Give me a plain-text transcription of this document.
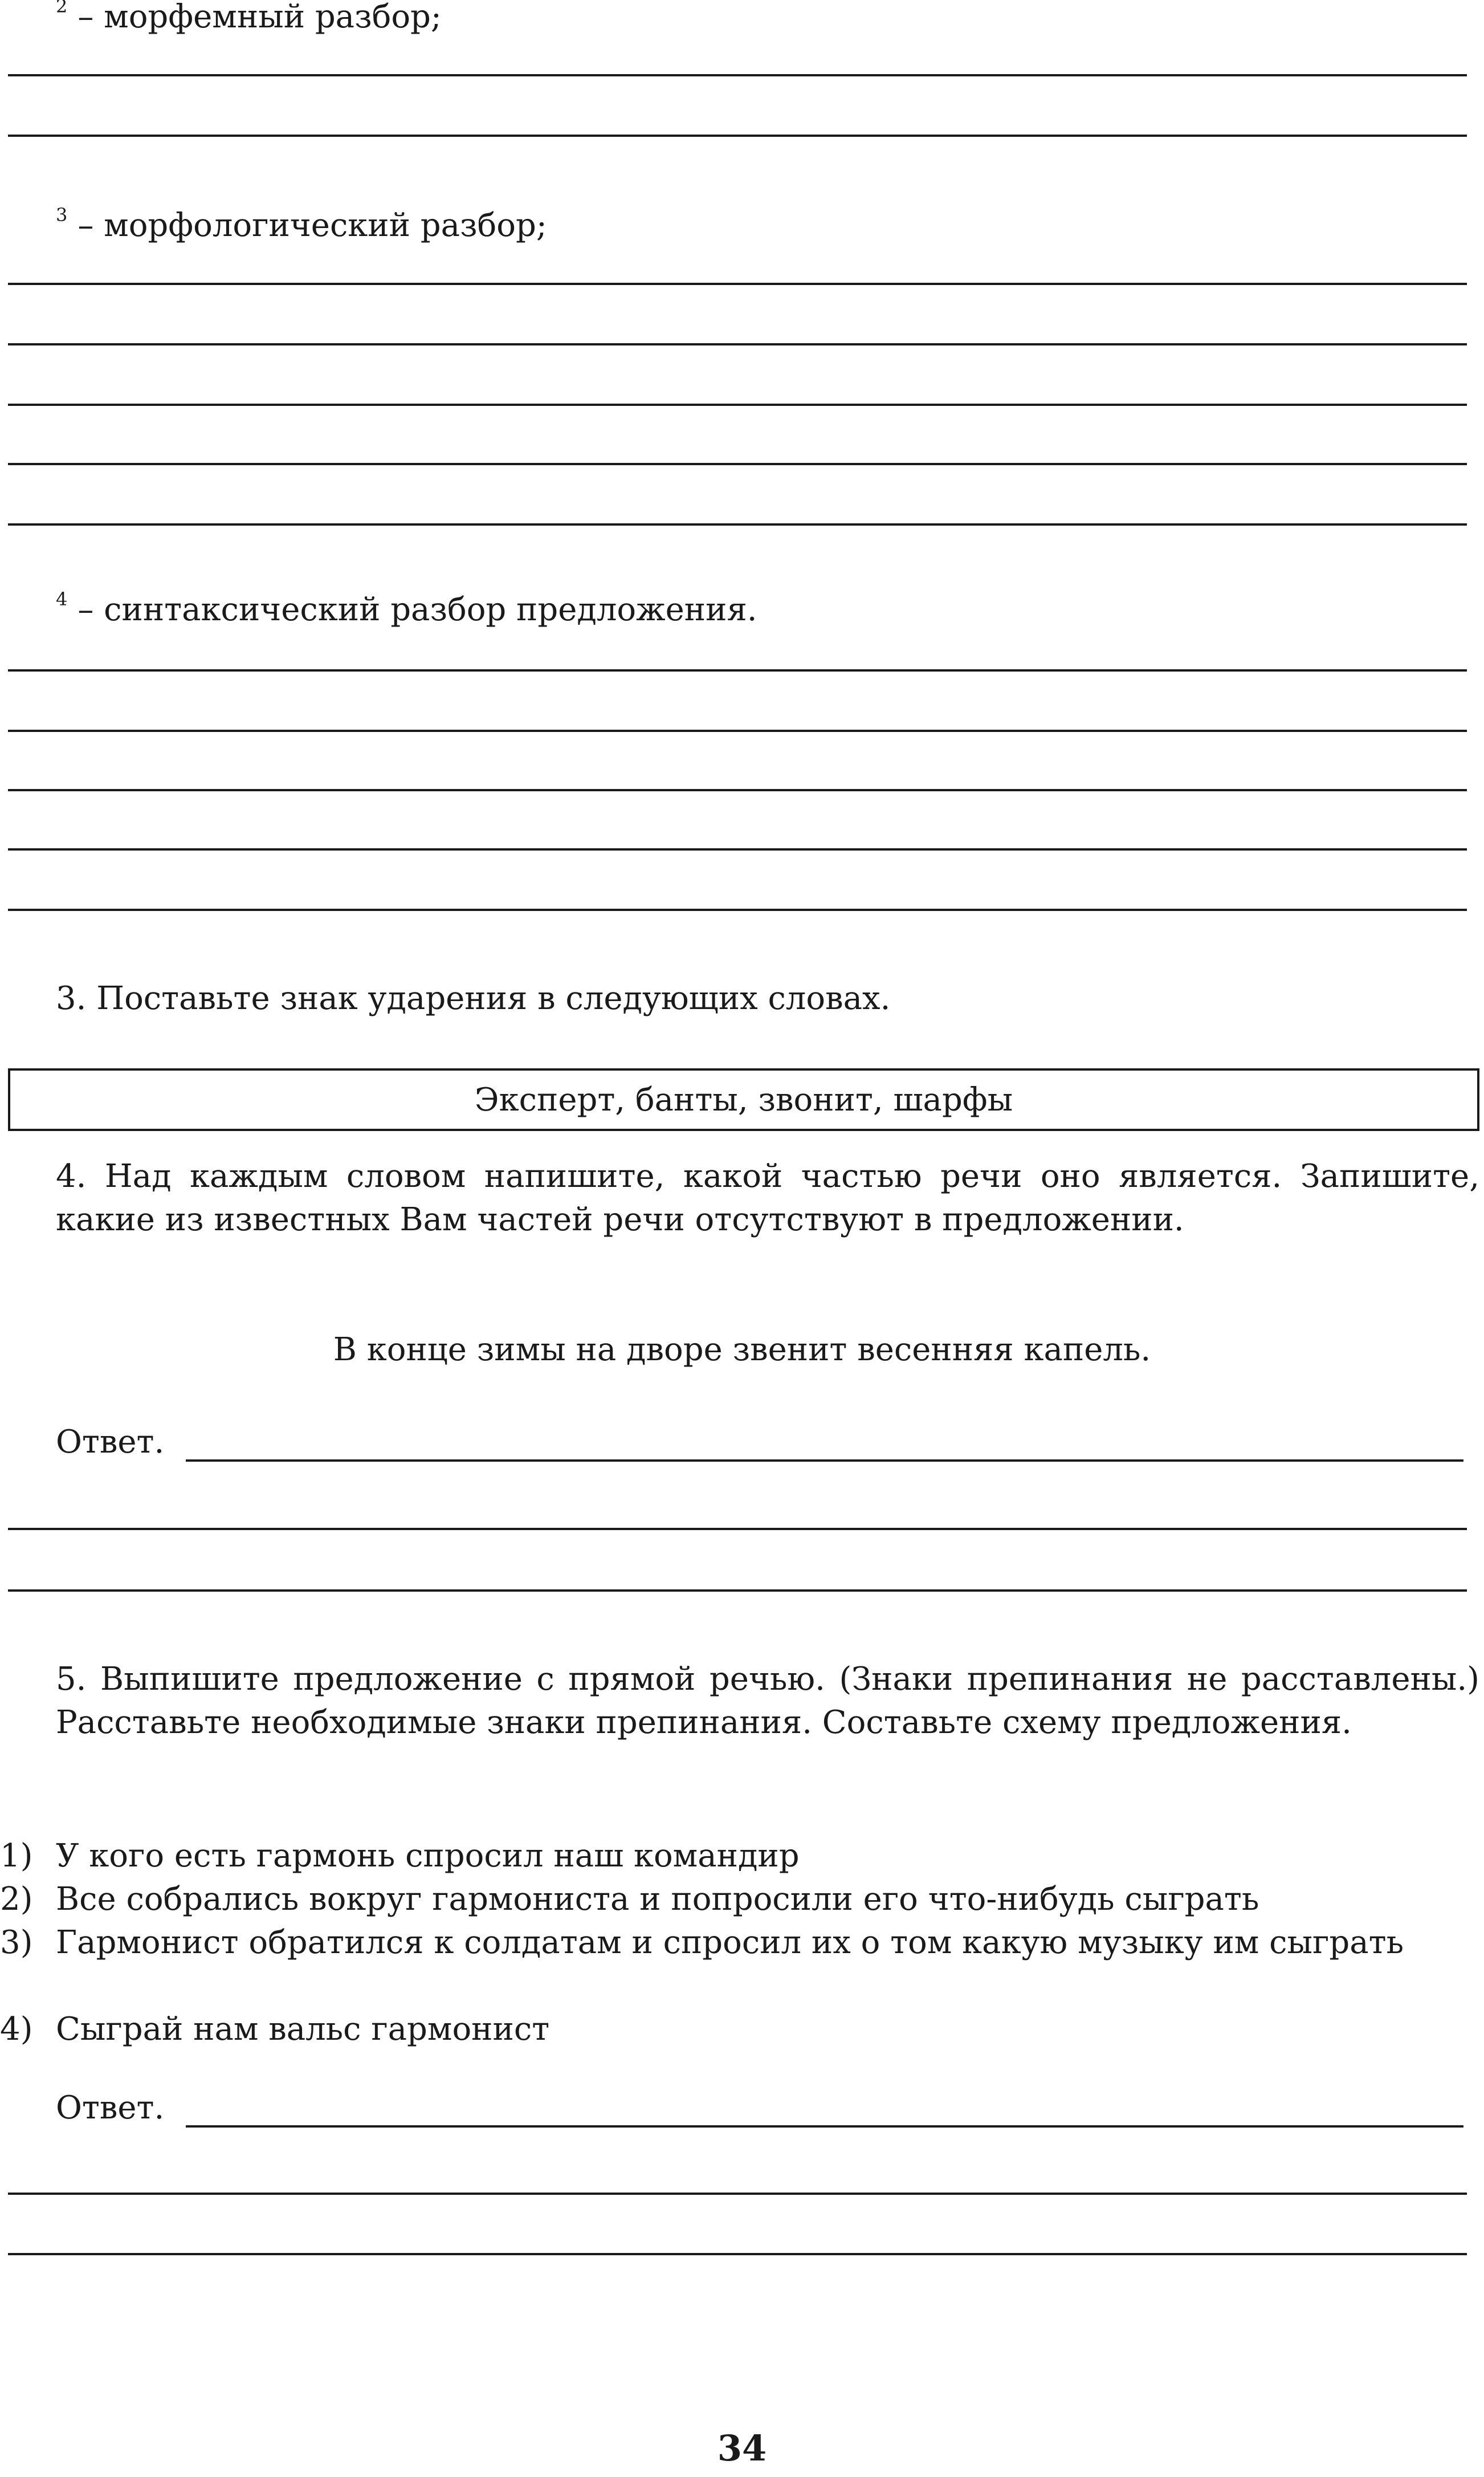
$^2$ – морфемный разбор;
$^3$ – морфологический разбор;
$^4$ – синтаксический разбор предложения.
3. Поставьте знак ударения в следующих словах.
Эксперт, банты, звонит, шарфы
4. Над каждым словом напишите, какой частью речи оно является. Запишите, какие из известных Вам частей речи отсутствуют в предложении.
В конце зимы на дворе звенит весенняя капель.
Ответ.
5. Выпишите предложение с прямой речью. (Знаки препинания не расставлены.) Расставьте необходимые знаки препинания. Составьте схему предложения.
1) У кого есть гармонь спросил наш командир
2) Все собрались вокруг гармониста и попросили его что-нибудь сыграть
3) Гармонист обратился к солдатам и спросил их о том какую музыку им сыграть
4) Сыграй нам вальс гармонист
Ответ.
34
